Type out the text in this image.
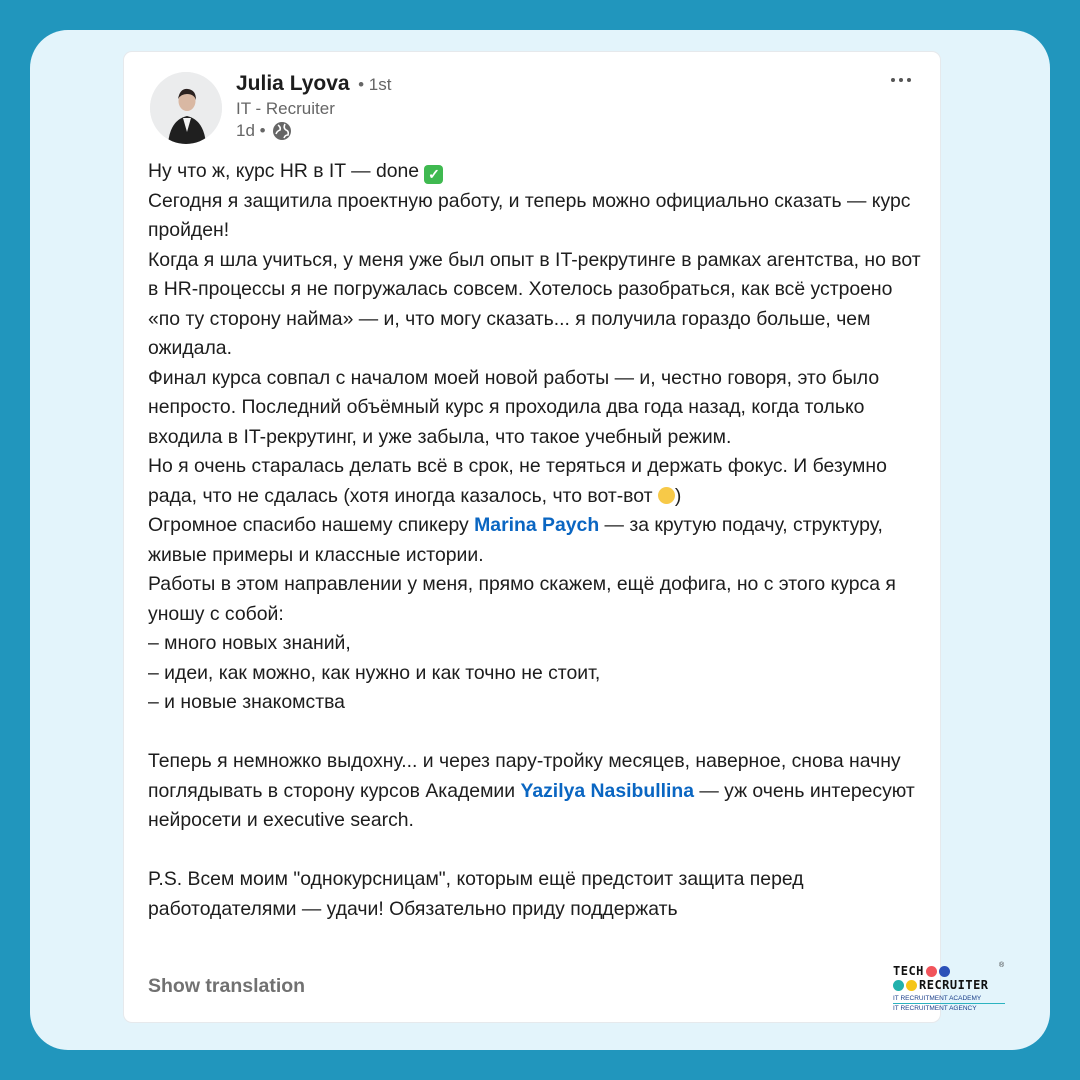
Julia Lyova • 1st
IT - Recruiter
1d •

Ну что ж, курс HR в IT — done ✓

Сегодня я защитила проектную работу, и теперь можно официально сказать — курс пройден!

Когда я шла учиться, у меня уже был опыт в IT-рекрутинге в рамках агентства, но вот в HR-процессы я не погружалась совсем. Хотелось разобраться, как всё устроено «по ту сторону найма» — и, что могу сказать... я получила гораздо больше, чем ожидала.

Финал курса совпал с началом моей новой работы — и, честно говоря, это было непросто. Последний объёмный курс я проходила два года назад, когда только входила в IT-рекрутинг, и уже забыла, что такое учебный режим.

Но я очень старалась делать всё в срок, не теряться и держать фокус. И безумно рада, что не сдалась (хотя иногда казалось, что вот-вот )

Огромное спасибо нашему спикеру Marina Paych — за крутую подачу, структуру, живые примеры и классные истории.

Работы в этом направлении у меня, прямо скажем, ещё дофига, но с этого курса я уношу с собой:

– много новых знаний,

– идеи, как можно, как нужно и как точно не стоит,

– и новые знакомства

Теперь я немножко выдохну... и через пару-тройку месяцев, наверное, снова начну поглядывать в сторону курсов Академии Yazilya Nasibullina — уж очень интересуют нейросети и executive search.

P.S. Всем моим "однокурсницам", которым ещё предстоит защита перед работодателями — удачи! Обязательно приду поддержать

Show translation
TECH
RECRUITER
®
IT RECRUITMENT ACADEMY
IT RECRUITMENT AGENCY
